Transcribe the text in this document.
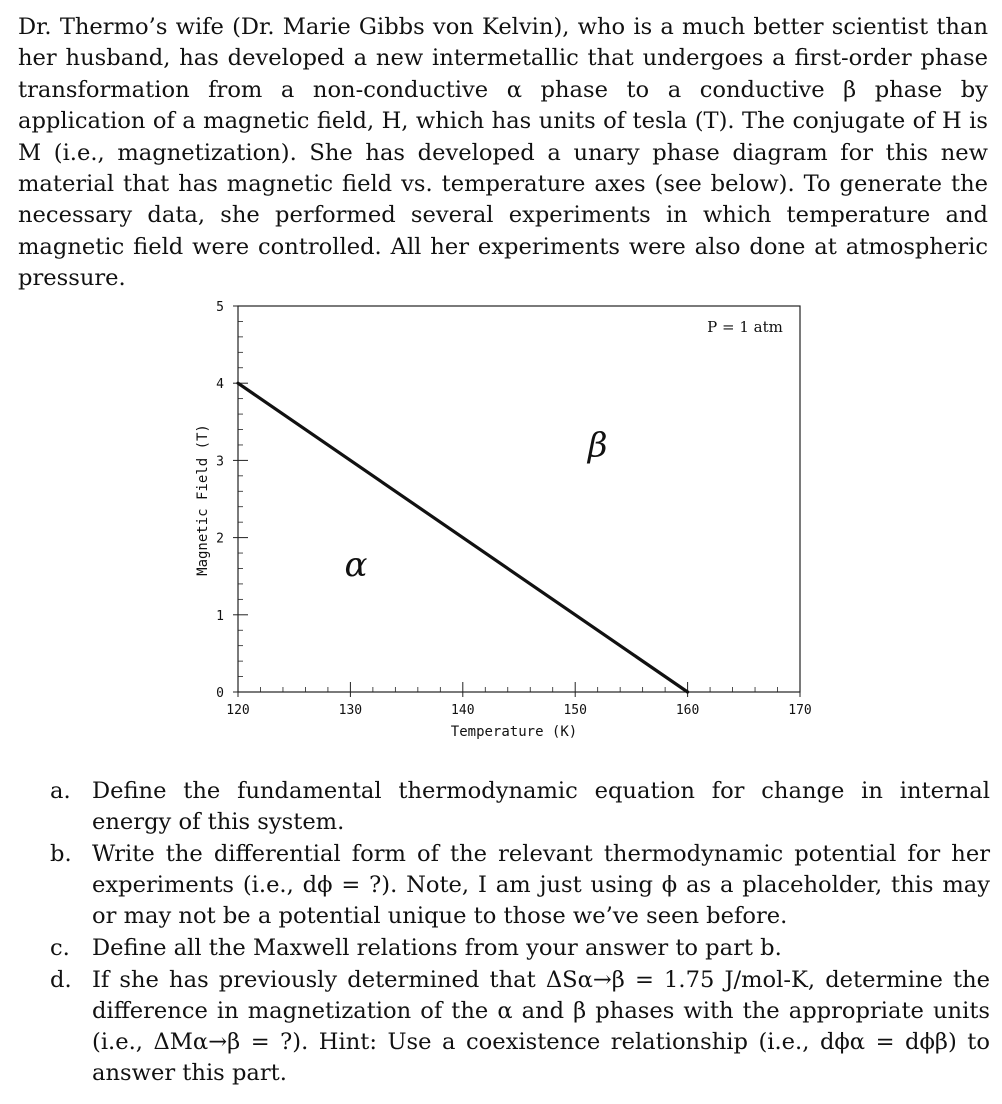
Dr. Thermo’s wife (Dr. Marie Gibbs von Kelvin), who is a much better scientist than her husband, has developed a new intermetallic that undergoes a first-order phase transformation from a non-conductive α phase to a conductive β phase by application of a magnetic field, H, which has units of tesla (T). The conjugate of H is M (i.e., magnetization). She has developed a unary phase diagram for this new material that has magnetic field vs. temperature axes (see below). To generate the necessary data, she performed several experiments in which temperature and magnetic field were controlled. All her experiments were also done at atmospheric pressure.

120	130	140	150	160	170
0
1
2
3
4
5
Temperature (K)
Magnetic Field (T)
P = 1 atm
α
β
a. Define the fundamental thermodynamic equation for change in internal energy of this system.
b. Write the differential form of the relevant thermodynamic potential for her experiments (i.e., dϕ = ?). Note, I am just using ϕ as a placeholder, this may or may not be a potential unique to those we’ve seen before.
c. Define all the Maxwell relations from your answer to part b.
d. If she has previously determined that ΔSα→β = 1.75 J/mol-K, determine the difference in magnetization of the α and β phases with the appropriate units (i.e., ΔMα→β = ?). Hint: Use a coexistence relationship (i.e., dϕα = dϕβ) to answer this part.
